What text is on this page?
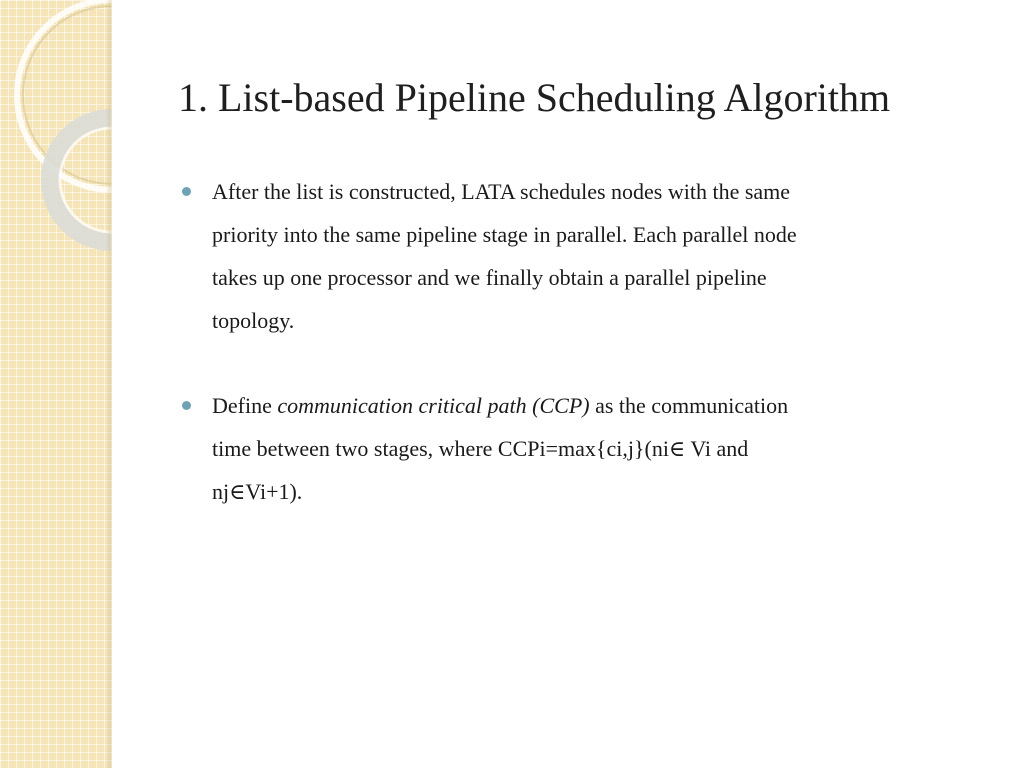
1. List-based Pipeline Scheduling Algorithm
After the list is constructed, LATA schedules nodes with the same
priority into the same pipeline stage in parallel. Each parallel node
takes up one processor and we finally obtain a parallel pipeline
topology.
Define communication critical path (CCP) as the communication
time between two stages, where CCPi=max{ci,j}(ni∈ Vi and
nj∈Vi+1).
